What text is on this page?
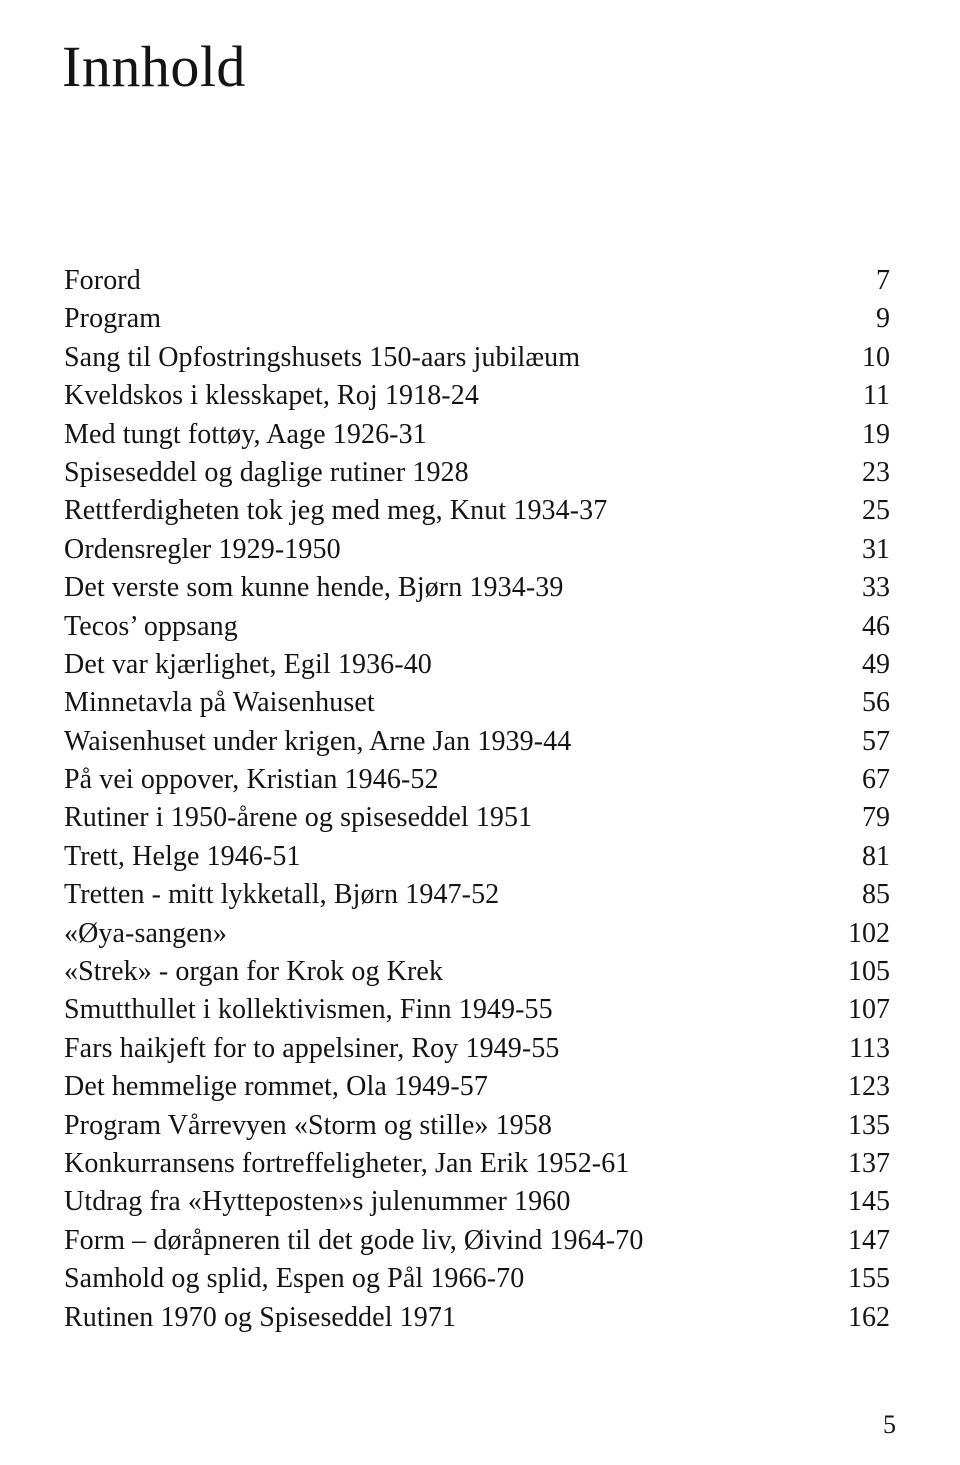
Innhold
Forord	7
Program	9
Sang til Opfostringshusets 150-aars jubilæum	10
Kveldskos i klesskapet, Roj 1918-24	11
Med tungt fottøy, Aage 1926-31	19
Spiseseddel og daglige rutiner 1928	23
Rettferdigheten tok jeg med meg, Knut 1934-37	25
Ordensregler 1929-1950	31
Det verste som kunne hende, Bjørn 1934-39	33
Tecos’ oppsang	46
Det var kjærlighet, Egil 1936-40	49
Minnetavla på Waisenhuset	56
Waisenhuset under krigen, Arne Jan 1939-44	57
På vei oppover, Kristian 1946-52	67
Rutiner i 1950-årene og spiseseddel 1951	79
Trett, Helge 1946-51	81
Tretten - mitt lykketall, Bjørn 1947-52	85
«Øya-sangen»	102
«Strek» - organ for Krok og Krek	105
Smutthullet i kollektivismen, Finn 1949-55	107
Fars haikjeft for to appelsiner, Roy 1949-55	113
Det hemmelige rommet, Ola 1949-57	123
Program Vårrevyen «Storm og stille» 1958	135
Konkurransens fortreffeligheter, Jan Erik 1952-61	137
Utdrag fra «Hytteposten»s julenummer 1960	145
Form – døråpneren til det gode liv, Øivind 1964-70	147
Samhold og splid, Espen og Pål 1966-70	155
Rutinen 1970 og Spiseseddel 1971	162
5
